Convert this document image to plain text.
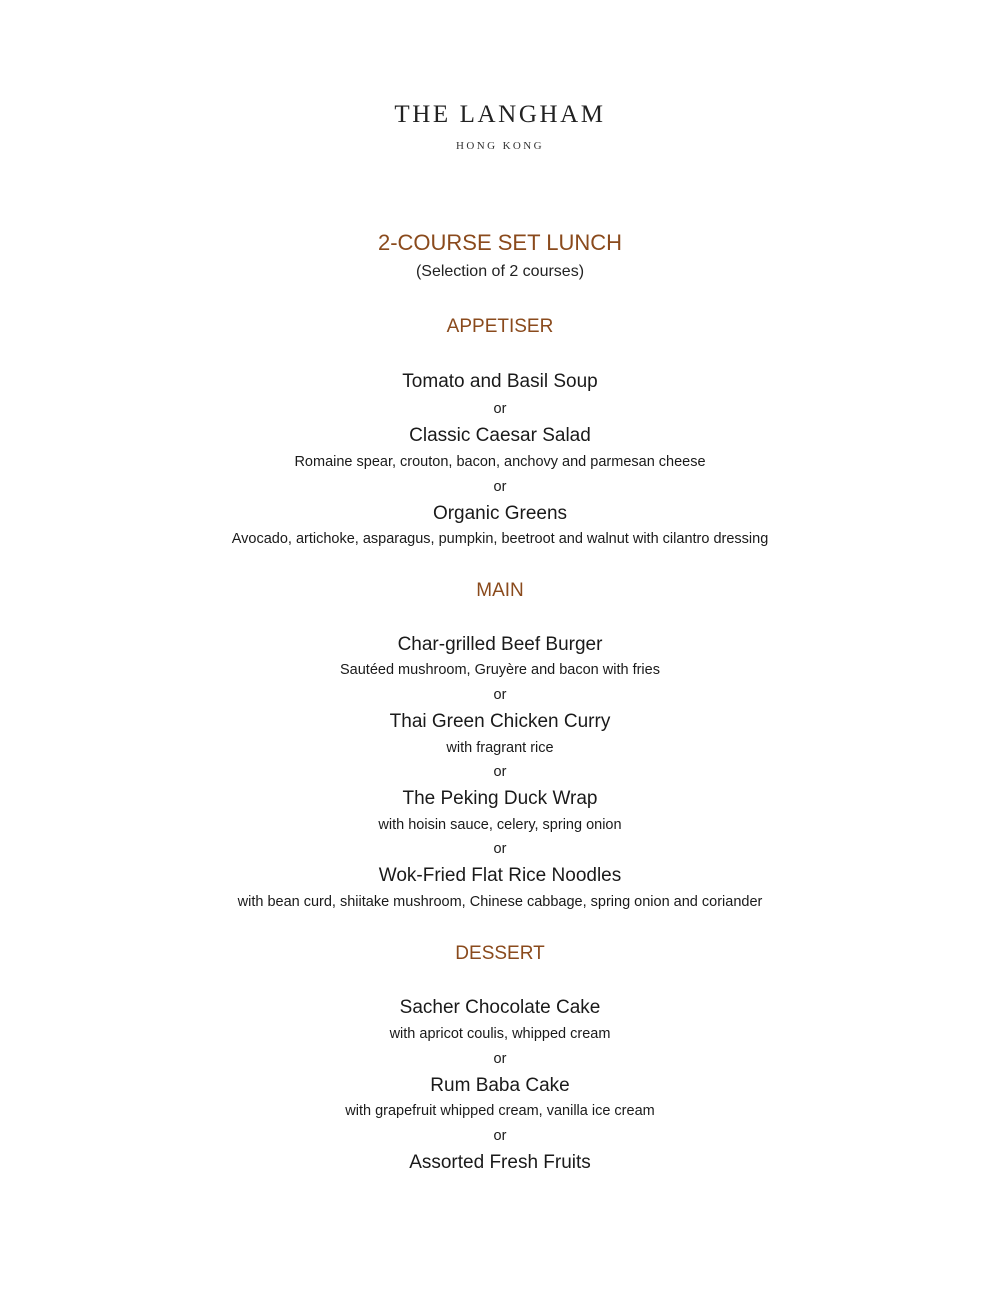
THE LANGHAM
HONG KONG
2-COURSE SET LUNCH
(Selection of 2 courses)
APPETISER
Tomato and Basil Soup
or
Classic Caesar Salad
Romaine spear, crouton, bacon, anchovy and parmesan cheese
or
Organic Greens
Avocado, artichoke, asparagus, pumpkin, beetroot and walnut with cilantro dressing
MAIN
Char-grilled Beef Burger
Sautéed mushroom, Gruyère and bacon with fries
or
Thai Green Chicken Curry
with fragrant rice
or
The Peking Duck Wrap
with hoisin sauce, celery, spring onion
or
Wok-Fried Flat Rice Noodles
with bean curd, shiitake mushroom, Chinese cabbage, spring onion and coriander
DESSERT
Sacher Chocolate Cake
with apricot coulis, whipped cream
or
Rum Baba Cake
with grapefruit whipped cream, vanilla ice cream
or
Assorted Fresh Fruits
